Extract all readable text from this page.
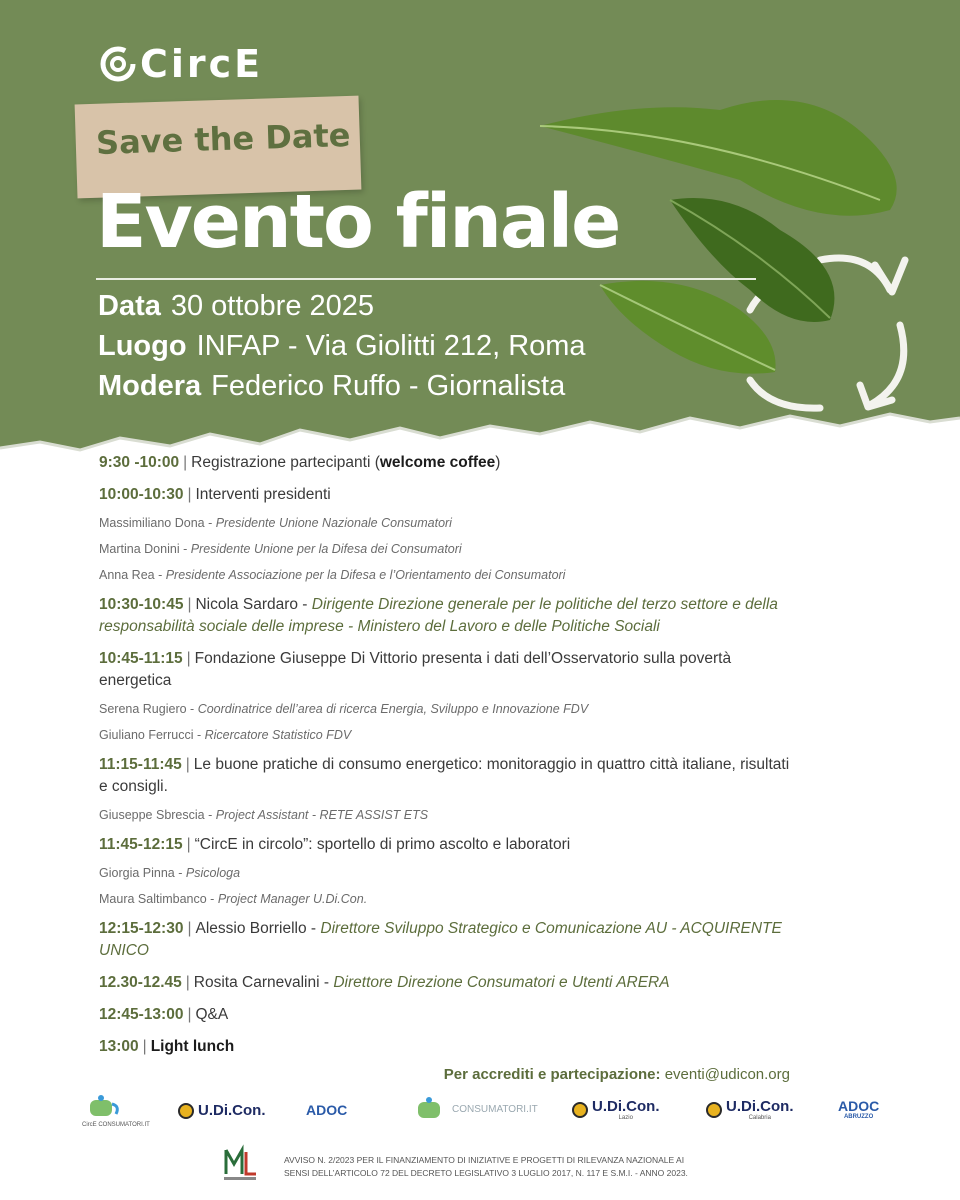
CircE
Save the Date
Evento finale
Data 30 ottobre 2025
Luogo INFAP - Via Giolitti 212, Roma
Modera Federico Ruffo - Giornalista
9:30 -10:00 | Registrazione partecipanti (welcome coffee)
10:00-10:30 | Interventi presidenti
Massimiliano Dona - Presidente Unione Nazionale Consumatori
Martina Donini - Presidente Unione per la Difesa dei Consumatori
Anna Rea - Presidente Associazione per la Difesa e l’Orientamento dei Consumatori
10:30-10:45 | Nicola Sardaro - Dirigente Direzione generale per le politiche del terzo settore e della responsabilità sociale delle imprese - Ministero del Lavoro e delle Politiche Sociali
10:45-11:15 | Fondazione Giuseppe Di Vittorio presenta i dati dell’Osservatorio sulla povertà energetica
Serena Rugiero - Coordinatrice dell’area di ricerca Energia, Sviluppo e Innovazione FDV
Giuliano Ferrucci - Ricercatore Statistico FDV
11:15-11:45 | Le buone pratiche di consumo energetico: monitoraggio in quattro città italiane, risultati e consigli.
Giuseppe Sbrescia - Project Assistant - RETE ASSIST ETS
11:45-12:15 | “CircE in circolo”: sportello di primo ascolto e laboratori
Giorgia Pinna - Psicologa
Maura Saltimbanco - Project Manager U.Di.Con.
12:15-12:30 | Alessio Borriello - Direttore Sviluppo Strategico e Comunicazione AU - ACQUIRENTE UNICO
12.30-12.45 | Rosita Carnevalini - Direttore Direzione Consumatori e Utenti ARERA
12:45-13:00 | Q&A
13:00 | Light lunch
Per accrediti e partecipazione: eventi@udicon.org
CircE CONSUMATORI.IT
U.Di.Con.	ADOC	CONSUMATORI.IT	U.Di.Con.
Lazio
U.Di.Con.
Calabria
ADOC
ABRUZZO
AVVISO N. 2/2023 PER IL FINANZIAMENTO DI INIZIATIVE E PROGETTI DI RILEVANZA NAZIONALE AI SENSI DELL’ARTICOLO 72 DEL DECRETO LEGISLATIVO 3 LUGLIO 2017, N. 117 E S.M.I. - ANNO 2023.
